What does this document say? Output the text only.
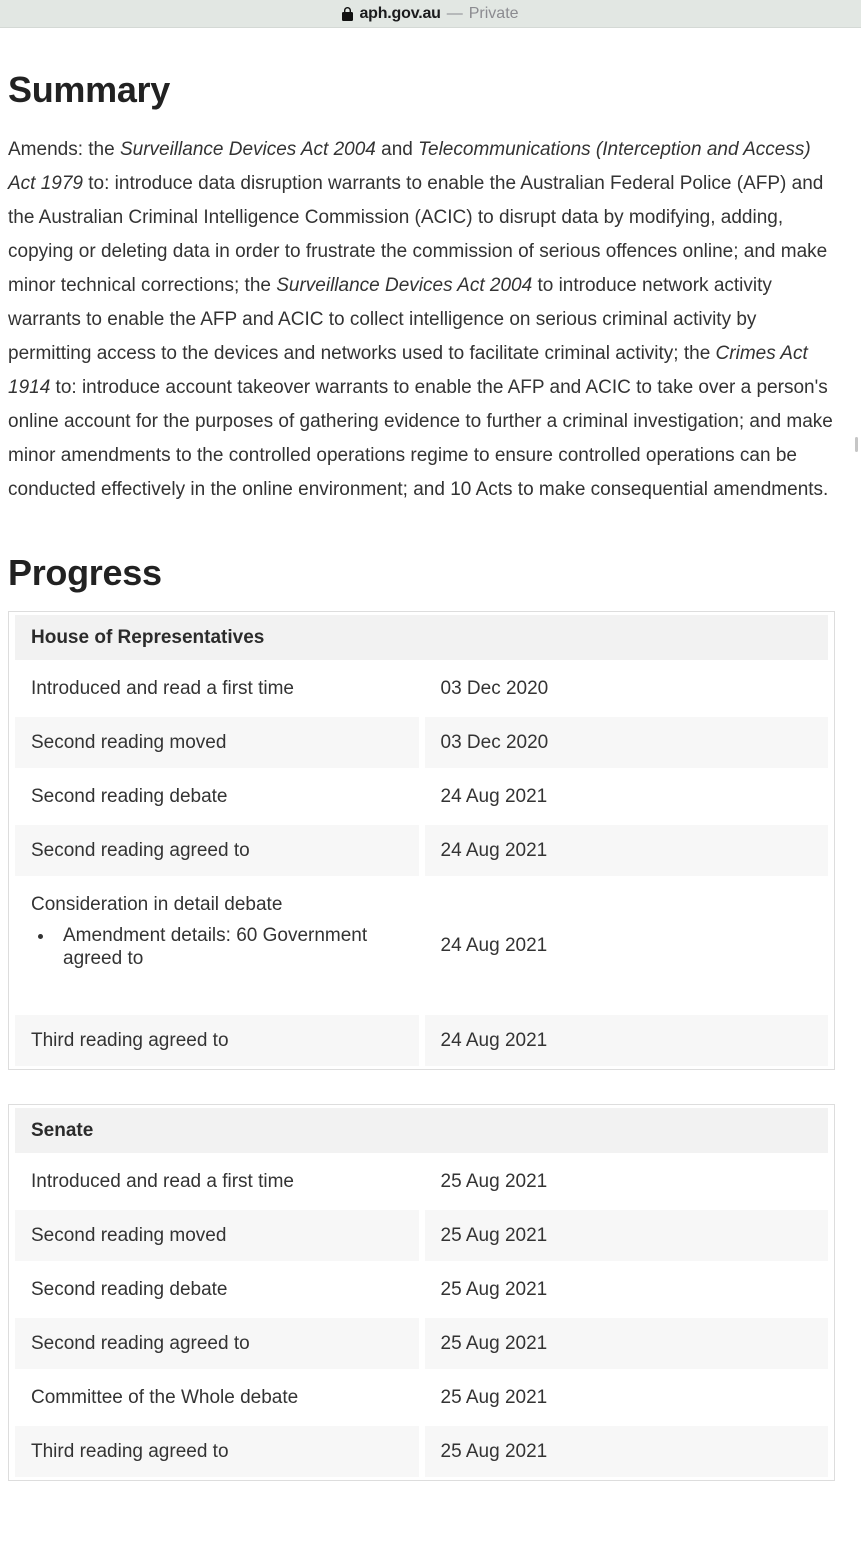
aph.gov.au — Private
Summary

Amends: the Surveillance Devices Act 2004 and Telecommunications (Interception and Access) Act 1979 to: introduce data disruption warrants to enable the Australian Federal Police (AFP) and the Australian Criminal Intelligence Commission (ACIC) to disrupt data by modifying, adding, copying or deleting data in order to frustrate the commission of serious offences online; and make minor technical corrections; the Surveillance Devices Act 2004 to introduce network activity warrants to enable the AFP and ACIC to collect intelligence on serious criminal activity by permitting access to the devices and networks used to facilitate criminal activity; the Crimes Act 1914 to: introduce account takeover warrants to enable the AFP and ACIC to take over a person's online account for the purposes of gathering evidence to further a criminal investigation; and make minor amendments to the controlled operations regime to ensure controlled operations can be conducted effectively in the online environment; and 10 Acts to make consequential amendments.

Progress
House of Representatives	

Introduced and read a first time	03 Dec 2020

Second reading moved	03 Dec 2020

Second reading debate	24 Aug 2021

Second reading agreed to	24 Aug 2021

Consideration in detail debate
• Amendment details: 60 Government agreed to
	24 Aug 2021

Third reading agreed to	24 Aug 2021
Senate	

Introduced and read a first time	25 Aug 2021

Second reading moved	25 Aug 2021

Second reading debate	25 Aug 2021

Second reading agreed to	25 Aug 2021

Committee of the Whole debate	25 Aug 2021

Third reading agreed to	25 Aug 2021
